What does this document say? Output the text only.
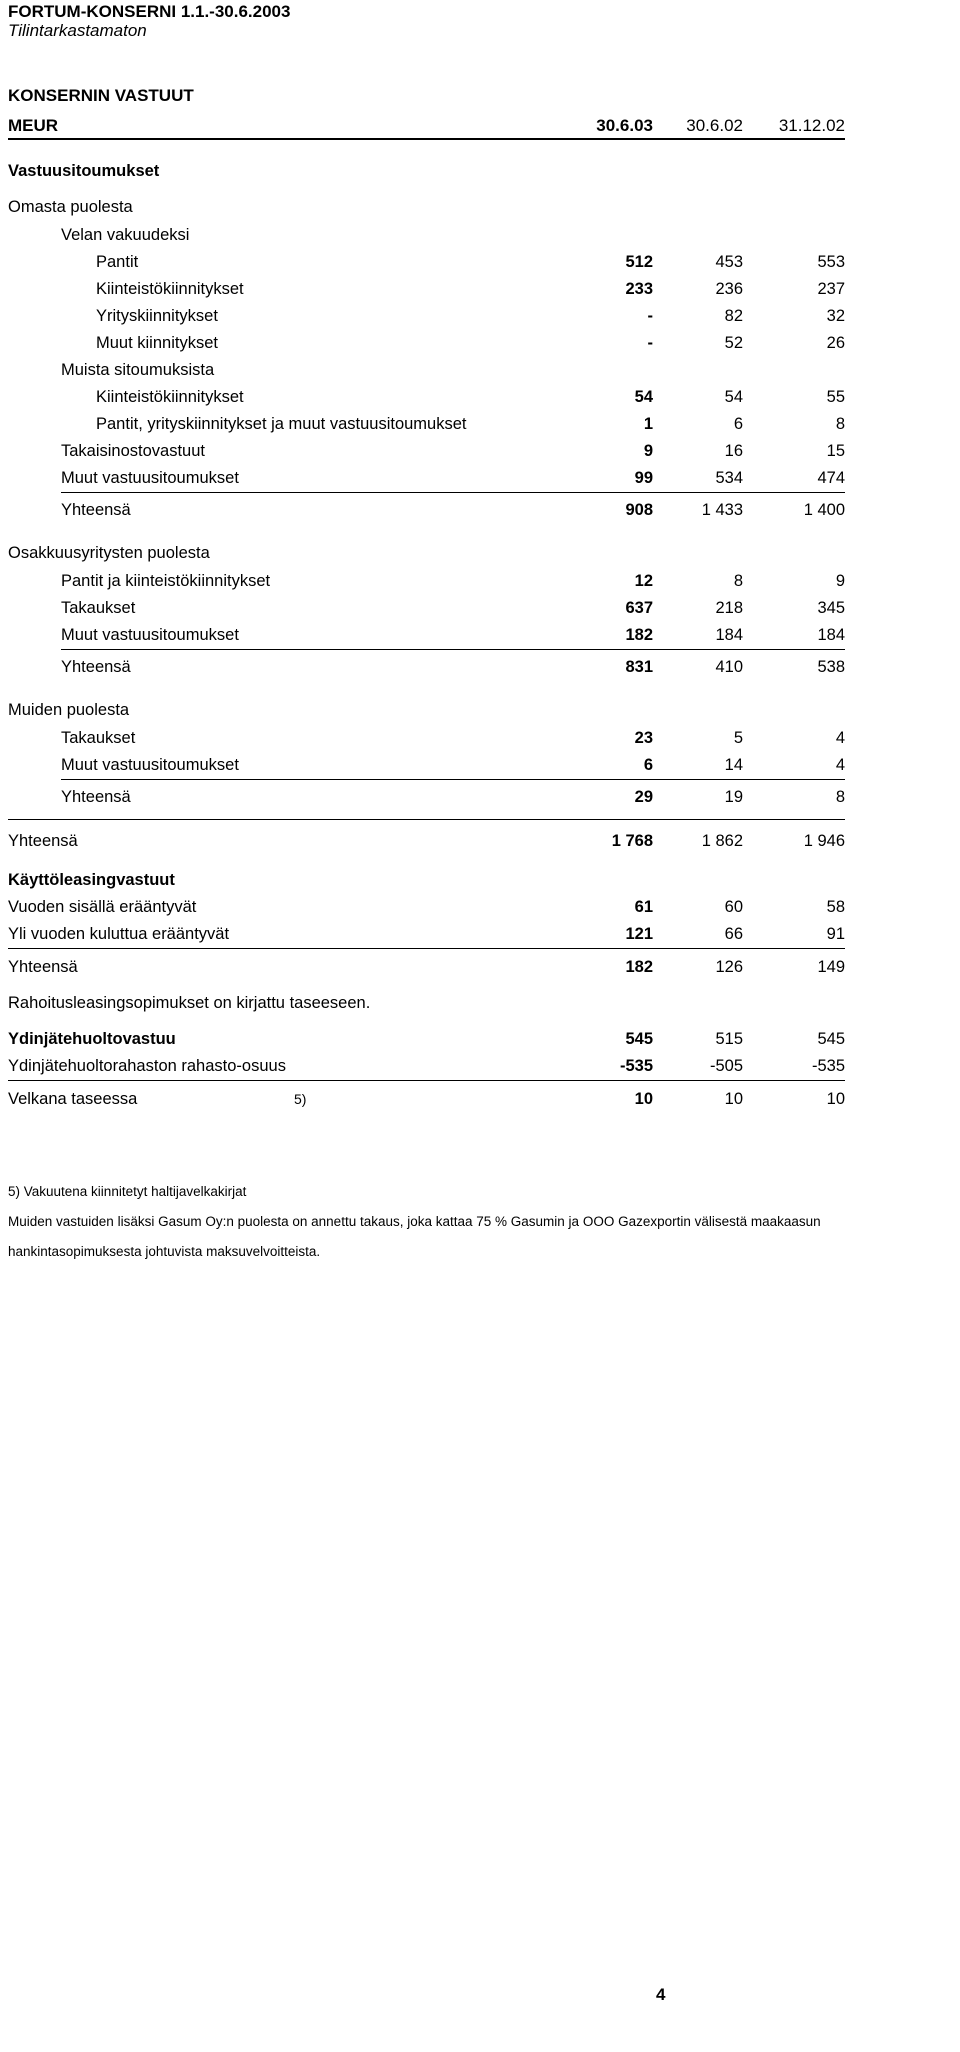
FORTUM-KONSERNI 1.1.-30.6.2003
Tilintarkastamaton
KONSERNIN VASTUUT
MEUR	30.6.03	30.6.02	31.12.02
Vastuusitoumukset
Omasta puolesta
Velan vakuudeksi
Pantit	512	453	553
Kiinteistökiinnitykset	233	236	237
Yrityskiinnitykset	-	82	32
Muut kiinnitykset	-	52	26
Muista sitoumuksista
Kiinteistökiinnitykset	54	54	55
Pantit, yrityskiinnitykset ja muut vastuusitoumukset	1	6	8
Takaisinostovastuut	9	16	15
Muut vastuusitoumukset	99	534	474
Yhteensä	908	1 433	1 400
Osakkuusyritysten puolesta
Pantit ja kiinteistökiinnitykset	12	8	9
Takaukset	637	218	345
Muut vastuusitoumukset	182	184	184
Yhteensä	831	410	538
Muiden puolesta
Takaukset	23	5	4
Muut vastuusitoumukset	6	14	4
Yhteensä	29	19	8
Yhteensä	1 768	1 862	1 946
Käyttöleasingvastuut
Vuoden sisällä erääntyvät	61	60	58
Yli vuoden kuluttua erääntyvät	121	66	91
Yhteensä	182	126	149
Rahoitusleasingsopimukset on kirjattu taseeseen.
Ydinjätehuoltovastuu	545	515	545
Ydinjätehuoltorahaston rahasto-osuus	-535	-505	-535
Velkana taseessa	5)	10	10	10
5) Vakuutena kiinnitetyt haltijavelkakirjat
Muiden vastuiden lisäksi Gasum Oy:n puolesta on annettu takaus, joka kattaa 75 % Gasumin ja OOO Gazexportin välisestä maakaasun
hankintasopimuksesta johtuvista maksuvelvoitteista.
4
